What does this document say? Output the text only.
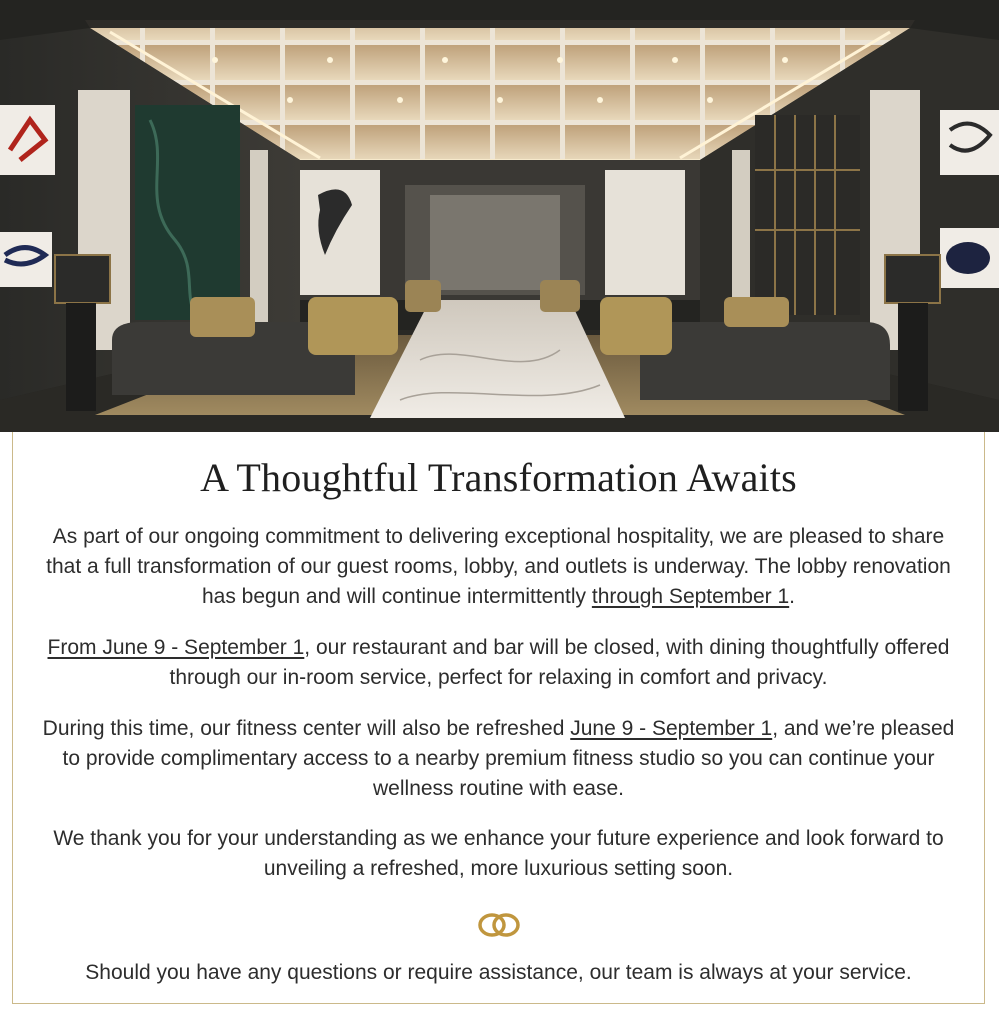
A Thoughtful Transformation Awaits

As part of our ongoing commitment to delivering exceptional hospitality, we are pleased to share that a full transformation of our guest rooms, lobby, and outlets is underway. The lobby renovation has begun and will continue intermittently through September 1.

From June 9 - September 1, our restaurant and bar will be closed, with dining thoughtfully offered through our in-room service, perfect for relaxing in comfort and privacy.

During this time, our fitness center will also be refreshed June 9 - September 1, and we’re pleased to provide complimentary access to a nearby premium fitness studio so you can continue your wellness routine with ease.

We thank you for your understanding as we enhance your future experience and look forward to unveiling a refreshed, more luxurious setting soon.

Should you have any questions or require assistance, our team is always at your service.
